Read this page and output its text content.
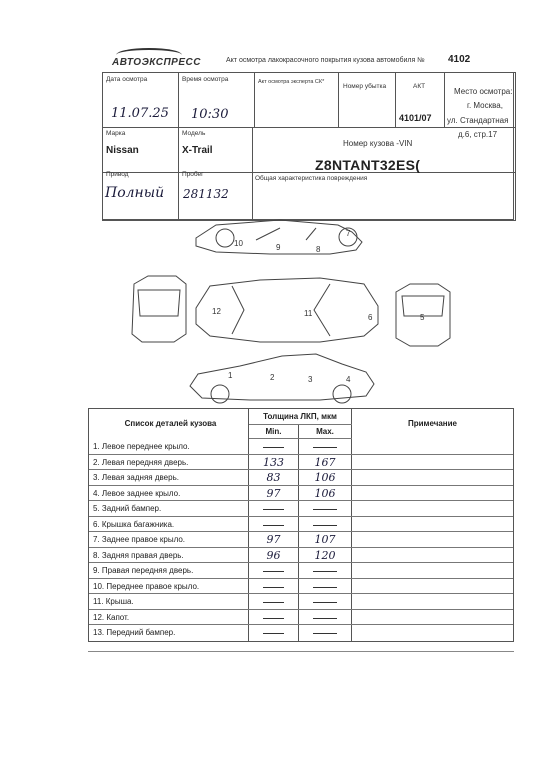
АВТОЭКСПРЕСС	Акт осмотра лакокрасочного покрытия кузова автомобиля № 4102
Дата осмотра
11.07.25
Время осмотра
10:30
Акт осмотра эксперта СК*
Номер убытка	АКТ
4101/07
Место осмотра:
г. Москва,
ул. Стандартная
д.6, стр.17
Марка
Nissan
Модель
X-Trail
Номер кузова -VIN
Z8NTANT32ES(
Привод
Полный
Пробег
281132
Общая характеристика повреждения
1	2	3	4
5
6
7
8
9
10
11
12
Список деталей кузова
Толщина ЛКП, мкм
Примечание
Min.	Max.
1. Левое переднее крыло.
2. Левая передняя дверь.	133	167
3. Левая задняя дверь.	83	106
4. Левое заднее крыло.	97	106
5. Задний бампер.
6. Крышка багажника.
7. Заднее правое крыло.	97	107
8. Задняя правая дверь.	96	120
9. Правая передняя дверь.
10. Переднее правое крыло.
11. Крыша.
12. Капот.
13. Передний бампер.
